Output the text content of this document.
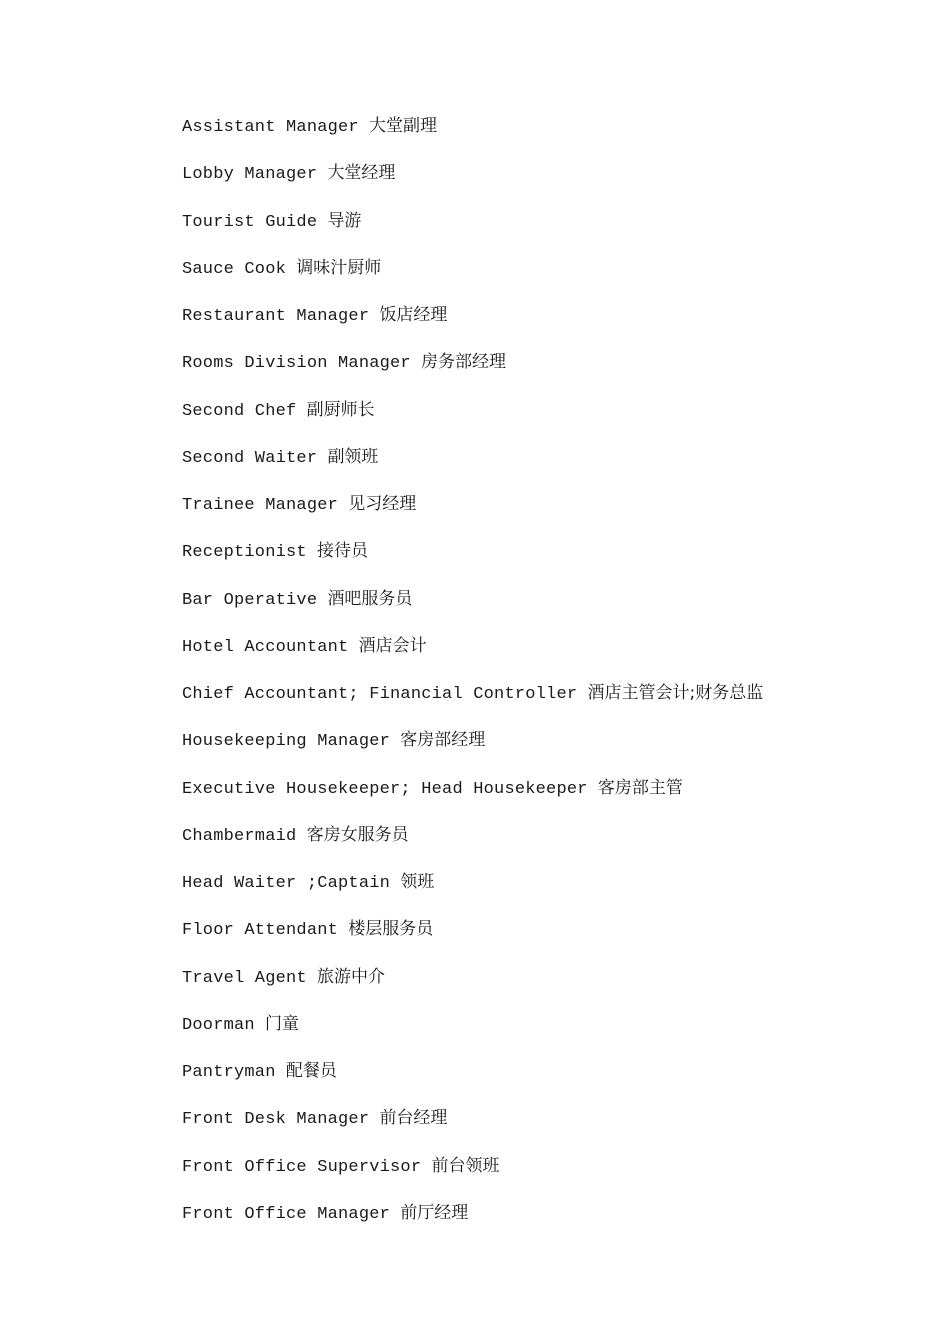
Assistant Manager 大堂副理
Lobby Manager 大堂经理
Tourist Guide 导游
Sauce Cook 调味汁厨师
Restaurant Manager 饭店经理
Rooms Division Manager 房务部经理
Second Chef 副厨师长
Second Waiter 副领班
Trainee Manager 见习经理
Receptionist 接待员
Bar Operative 酒吧服务员
Hotel Accountant 酒店会计
Chief Accountant; Financial Controller 酒店主管会计;财务总监
Housekeeping Manager 客房部经理
Executive Housekeeper; Head Housekeeper 客房部主管
Chambermaid 客房女服务员
Head Waiter ;Captain 领班
Floor Attendant 楼层服务员
Travel Agent 旅游中介
Doorman 门童
Pantryman 配餐员
Front Desk Manager 前台经理
Front Office Supervisor 前台领班
Front Office Manager 前厅经理
